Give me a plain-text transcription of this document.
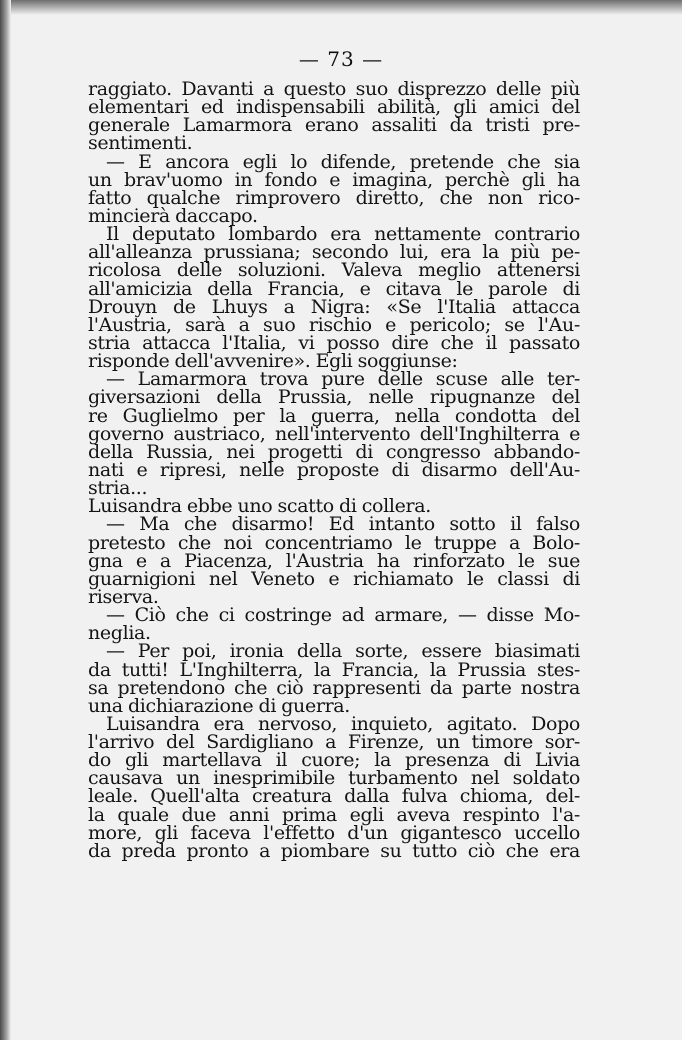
— 73 —
raggiato. Davanti a questo suo disprezzo delle più
elementari ed indispensabili abilità, gli amici del
generale Lamarmora erano assaliti da tristi pre-
sentimenti.
— E ancora egli lo difende, pretende che sia
un brav'uomo in fondo e imagina, perchè gli ha
fatto qualche rimprovero diretto, che non rico-
mincierà daccapo.
Il deputato lombardo era nettamente contrario
all'alleanza prussiana; secondo lui, era la più pe-
ricolosa delle soluzioni. Valeva meglio attenersi
all'amicizia della Francia, e citava le parole di
Drouyn de Lhuys a Nigra: «Se l'Italia attacca
l'Austria, sarà a suo rischio e pericolo; se l'Au-
stria attacca l'Italia, vi posso dire che il passato
risponde dell'avvenire». Egli soggiunse:
— Lamarmora trova pure delle scuse alle ter-
giversazioni della Prussia, nelle ripugnanze del
re Guglielmo per la guerra, nella condotta del
governo austriaco, nell'intervento dell'Inghilterra e
della Russia, nei progetti di congresso abbando-
nati e ripresi, nelle proposte di disarmo dell'Au-
stria...
Luisandra ebbe uno scatto di collera.
— Ma che disarmo! Ed intanto sotto il falso
pretesto che noi concentriamo le truppe a Bolo-
gna e a Piacenza, l'Austria ha rinforzato le sue
guarnigioni nel Veneto e richiamato le classi di
riserva.
— Ciò che ci costringe ad armare, — disse Mo-
neglia.
— Per poi, ironia della sorte, essere biasimati
da tutti! L'Inghilterra, la Francia, la Prussia stes-
sa pretendono che ciò rappresenti da parte nostra
una dichiarazione di guerra.
Luisandra era nervoso, inquieto, agitato. Dopo
l'arrivo del Sardigliano a Firenze, un timore sor-
do gli martellava il cuore; la presenza di Livia
causava un inesprimibile turbamento nel soldato
leale. Quell'alta creatura dalla fulva chioma, del-
la quale due anni prima egli aveva respinto l'a-
more, gli faceva l'effetto d'un gigantesco uccello
da preda pronto a piombare su tutto ciò che era
